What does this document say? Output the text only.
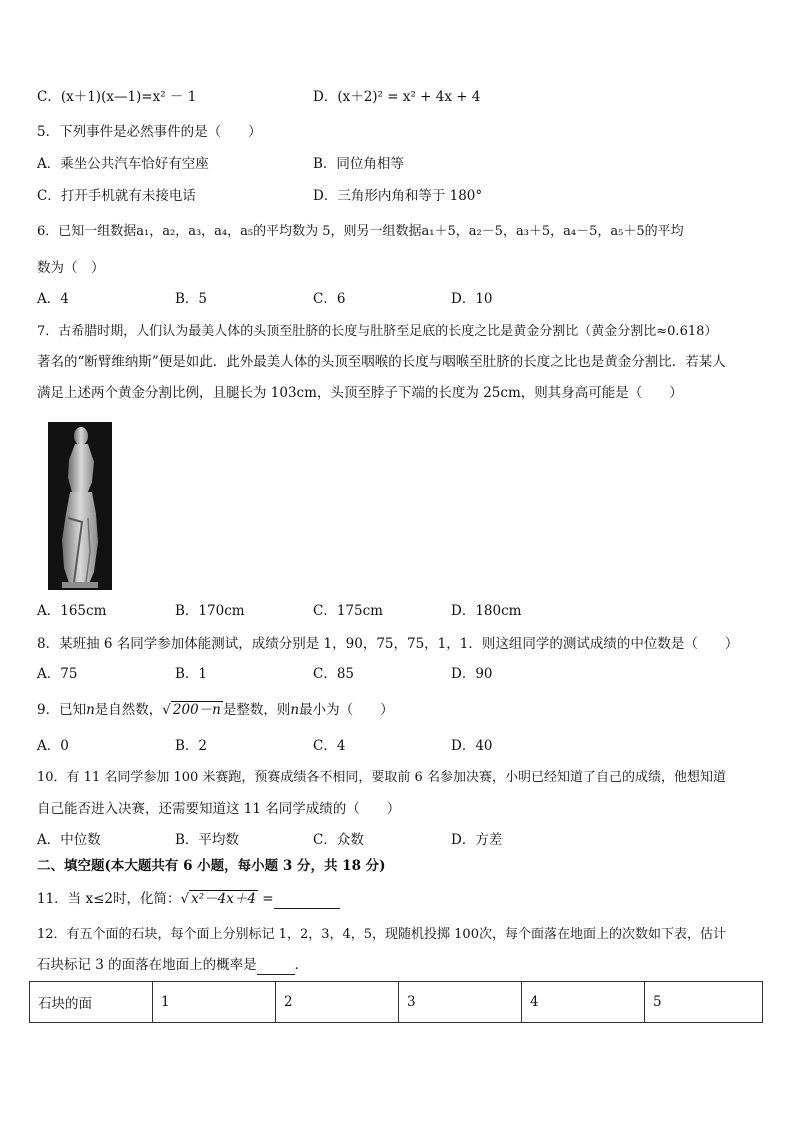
C．(x＋1)(x—1)=x² － 1	D．(x＋2)² = x² + 4x + 4
5．下列事件是必然事件的是（　　）
A．乘坐公共汽车恰好有空座	B．同位角相等
C．打开手机就有未接电话	D．三角形内角和等于 180°
6．已知一组数据a₁，a₂，a₃，a₄，a₅的平均数为 5，则另一组数据a₁＋5，a₂－5，a₃＋5，a₄－5，a₅＋5的平均
数为（　）
A．4	B．5	C．6	D．10
7．古希腊时期，人们认为最美人体的头顶至肚脐的长度与肚脐至足底的长度之比是黄金分割比（黄金分割比≈0.618）
著名的“断臂维纳斯”便是如此．此外最美人体的头顶至咽喉的长度与咽喉至肚脐的长度之比也是黄金分割比．若某人
满足上述两个黄金分割比例，且腿长为 103cm，头顶至脖子下端的长度为 25cm，则其身高可能是（　　）
A．165cm	B．170cm	C．175cm	D．180cm
8．某班抽 6 名同学参加体能测试，成绩分别是 1，90，75，75，1，1．则这组同学的测试成绩的中位数是（　　）
A．75	B．1	C．85	D．90
9．已知n是自然数，√ 200－n 是整数，则n最小为（　　）
A．0	B．2	C．4	D．40
10．有 11 名同学参加 100 米赛跑，预赛成绩各不相同，要取前 6 名参加决赛，小明已经知道了自己的成绩，他想知道
自己能否进入决赛，还需要知道这 11 名同学成绩的（　　）
A．中位数	B．平均数	C．众数	D．方差
二、填空题(本大题共有 6 小题，每小题 3 分，共 18 分)
11．当 x≤2时，化简：√ x²－4x＋4 =
12．有五个面的石块，每个面上分别标记 1，2，3，4，5，现随机投掷 100次，每个面落在地面上的次数如下表，估计
石块标记 3 的面落在地面上的概率是	．
石块的面	1	2	3	4	5
